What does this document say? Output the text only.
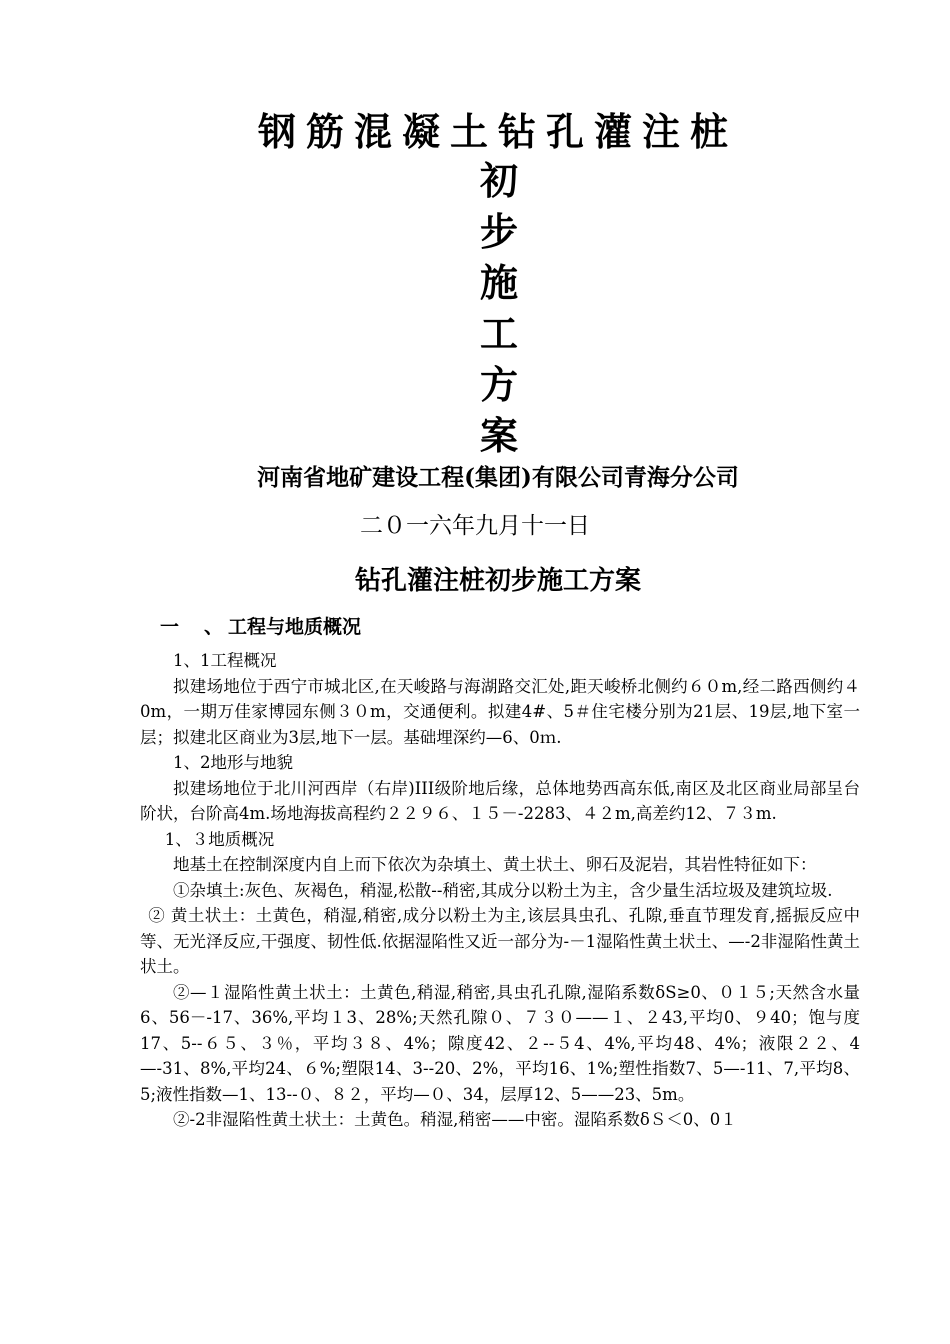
钢筋混凝土钻孔灌注桩
初
步
施
工
方
案
河南省地矿建设工程(集团)有限公司青海分公司
二０一六年九月十一日
钻孔灌注桩初步施工方案
一 、 工程与地质概况

1、1工程概况

拟建场地位于西宁市城北区,在天峻路与海湖路交汇处,距天峻桥北侧约６０m,经二路西侧约４0m，一期万佳家博园东侧３０m，交通便利。拟建4#、5＃住宅楼分别为21层、19层,地下室一层；拟建北区商业为3层,地下一层。基础埋深约—6、0ｍ.

1、2地形与地貌

拟建场地位于北川河西岸（右岸)III级阶地后缘，总体地势西高东低,南区及北区商业局部呈台阶状，台阶高4m.场地海拔高程约２２９６、１５－-2283、４２m,高差约12、７３m.

1、３地质概况

地基土在控制深度内自上而下依次为杂填土、黄土状土、卵石及泥岩，其岩性特征如下：

①杂填土:灰色、灰褐色，稍湿,松散--稍密,其成分以粉土为主，含少量生活垃圾及建筑垃圾.

② 黄土状土：土黄色，稍湿,稍密,成分以粉土为主,该层具虫孔、孔隙,垂直节理发育,摇振反应中等、无光泽反应,干强度、韧性低.依据湿陷性又近一部分为-－1湿陷性黄土状土、—-2非湿陷性黄土状土。

②—１湿陷性黄土状土：土黄色,稍湿,稍密,具虫孔孔隙,湿陷系数δS≥0、０１５;天然含水量6、56－-17、36%,平均１3、28%;天然孔隙０、７３０——１、２43,平均0、９40；饱与度17、5--６５、３％，平均３８、4%；隙度42、２--５4、4%,平均48、4%；液限２２、4—-31、8%,平均24、６%;塑限14、3--20、2%，平均16、1%;塑性指数7、5—-11、7,平均8、5;液性指数—1、13--０、８２，平均—０、34，层厚12、5——23、5m。

②-2非湿陷性黄土状土：土黄色。稍湿,稍密——中密。湿陷系数δＳ＜0、0１
